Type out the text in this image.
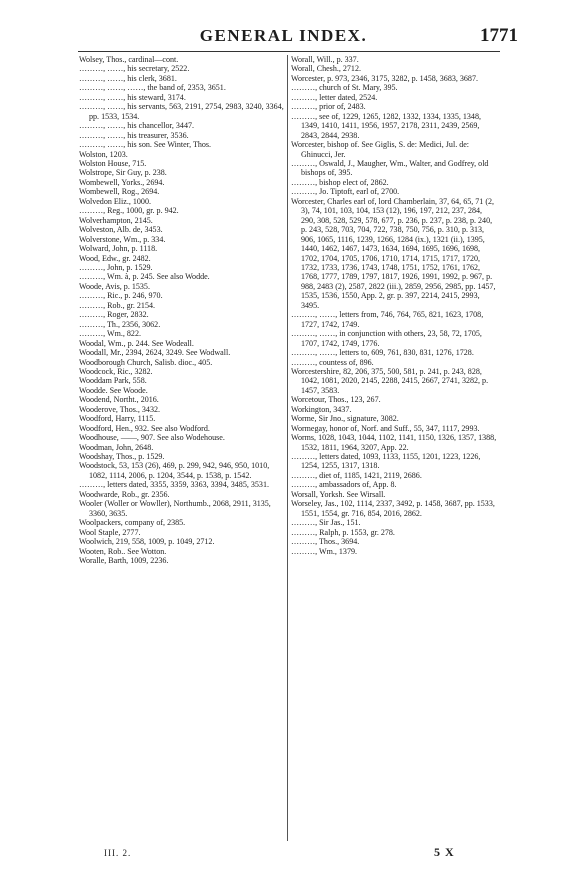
GENERAL INDEX.	1771
Wolsey, Thos., cardinal—cont.
………, ……, his secretary, 2522.
………, ……, his clerk, 3681.
………, ……, ……, the band of, 2353, 3651.
………, ……, his steward, 3174.
………, ……, his servants, 563, 2191, 2754, 2983, 3240, 3364, pp. 1533, 1534.
………, ……, his chancellor, 3447.
………, ……, his treasurer, 3536.
………, ……, his son. See Winter, Thos.
Wolston, 1203.
Wolston House, 715.
Wolstrope, Sir Guy, p. 238.
Wombewell, Yorks., 2694.
Wombewell, Rog., 2694.
Wolvedon Eliz., 1000.
………, Reg., 1000, gr. p. 942.
Wolverhampton, 2145.
Wolveston, Alb. de, 3453.
Wolverstone, Wm., p. 334.
Wolward, John, p. 1118.
Wood, Edw., gr. 2482.
………, John, p. 1529.
………, Wm. à, p. 245. See also Wodde.
Woode, Avis, p. 1535.
………, Ric., p. 246, 970.
………, Rob., gr. 2154.
………, Roger, 2832.
………, Th., 2356, 3062.
………, Wm., 822.
Woodal, Wm., p. 244. See Wodeall.
Woodall, Mr., 2394, 2624, 3249. See Wodwall.
Woodborough Church, Salisb. dioc., 405.
Woodcock, Ric., 3282.
Wooddam Park, 558.
Woodde. See Woode.
Woodend, Northt., 2016.
Wooderove, Thos., 3432.
Woodford, Harry, 1115.
Woodford, Hen., 932. See also Wodford.
Woodhouse, ——, 907. See also Wodehouse.
Woodman, John, 2648.
Woodshay, Thos., p. 1529.
Woodstock, 53, 153 (26), 469, p. 299, 942, 946, 950, 1010, 1082, 1114, 2006, p. 1204, 3544, p. 1538, p. 1542.
………, letters dated, 3355, 3359, 3363, 3394, 3485, 3531.
Woodwarde, Rob., gr. 2356.
Wooler (Woller or Wowller), Northumb., 2068, 2911, 3135, 3360, 3635.
Woolpackers, company of, 2385.
Wool Staple, 2777.
Woolwich, 219, 558, 1009, p. 1049, 2712.
Wooten, Rob.. See Wotton.
Woralle, Barth, 1009, 2236.
Worall, Will., p. 337.
Worall, Chesh., 2712.
Worcester, p. 973, 2346, 3175, 3282, p. 1458, 3683, 3687.
………, church of St. Mary, 395.
………, letter dated, 2524.
………, prior of, 2483.
………, see of, 1229, 1265, 1282, 1332, 1334, 1335, 1348, 1349, 1410, 1411, 1956, 1957, 2178, 2311, 2439, 2569, 2843, 2844, 2938.
Worcester, bishop of. See Giglis, S. de: Medici, Jul. de: Ghinucci, Jer.
………, Oswald, J., Maugher, Wm., Walter, and Godfrey, old bishops of, 395.
………, bishop elect of, 2862.
………, Jo. Tiptoft, earl of, 2700.
Worcester, Charles earl of, lord Chamberlain, 37, 64, 65, 71 (2, 3), 74, 101, 103, 104, 153 (12), 196, 197, 212, 237, 284, 290, 308, 528, 529, 578, 677, p. 236, p. 237, p. 238, p. 240, p. 243, 528, 703, 704, 722, 738, 750, 756, p. 310, p. 313, 906, 1065, 1116, 1239, 1266, 1284 (ix.), 1321 (ii.), 1395, 1440, 1462, 1467, 1473, 1634, 1694, 1695, 1696, 1698, 1702, 1704, 1705, 1706, 1710, 1714, 1715, 1717, 1720, 1732, 1733, 1736, 1743, 1748, 1751, 1752, 1761, 1762, 1768, 1777, 1789, 1797, 1817, 1926, 1991, 1992, p. 967, p. 988, 2483 (2), 2587, 2822 (iii.), 2859, 2956, 2985, pp. 1457, 1535, 1536, 1550, App. 2, gr. p. 397, 2214, 2415, 2993, 3495.
………, ……, letters from, 746, 764, 765, 821, 1623, 1708, 1727, 1742, 1749.
………, ……, in conjunction with others, 23, 58, 72, 1705, 1707, 1742, 1749, 1776.
………, ……, letters to, 609, 761, 830, 831, 1276, 1728.
………, countess of, 896.
Worcestershire, 82, 206, 375, 500, 581, p. 241, p. 243, 828, 1042, 1081, 2020, 2145, 2288, 2415, 2667, 2741, 3282, p. 1457, 3583.
Worcetour, Thos., 123, 267.
Workington, 3437.
Worme, Sir Jno., signature, 3082.
Wormegay, honor of, Norf. and Suff., 55, 347, 1117, 2993.
Worms, 1028, 1043, 1044, 1102, 1141, 1150, 1326, 1357, 1388, 1532, 1811, 1964, 3207, App. 22.
………, letters dated, 1093, 1133, 1155, 1201, 1223, 1226, 1254, 1255, 1317, 1318.
………, diet of, 1185, 1421, 2119, 2686.
………, ambassadors of, App. 8.
Worsall, Yorksh. See Wirsall.
Worseley, Jas., 102, 1114, 2337, 3492, p. 1458, 3687, pp. 1533, 1551, 1554, gr. 716, 854, 2016, 2862.
………, Sir Jas., 151.
………, Ralph, p. 1553, gr. 278.
………, Thos., 3694.
………, Wm., 1379.
III. 2.	5 X
